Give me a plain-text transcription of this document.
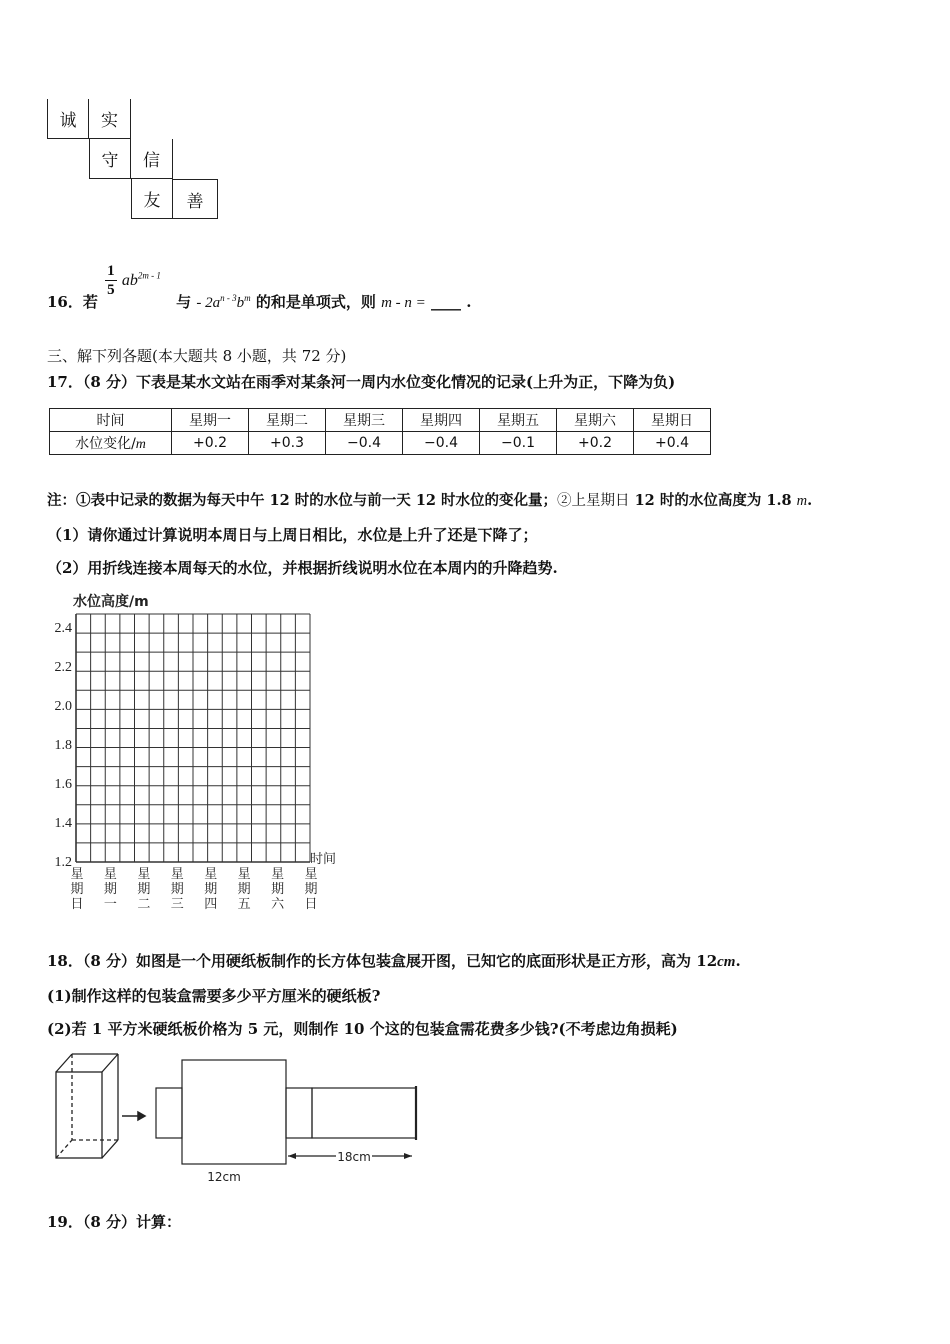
诚	实
守	信
友	善
16．若
$\frac{1}{5} ab^{2m - 1}$ 与 - $2a^{n - 3}b^m$ 的和是单项式，则 m - n = ____ .
三、解下列各题(本大题共 8 小题，共 72 分)
17．（8 分）下表是某水文站在雨季对某条河一周内水位变化情况的记录(上升为正，下降为负)
时间	星期一	星期二	星期三	星期四	星期五	星期六	星期日
水位变化/m	+0.2	+0.3	−0.4	−0.4	−0.1	+0.2	+0.4
注：①表中记录的数据为每天中午 12 时的水位与前一天 12 时水位的变化量；②上星期日 12 时的水位高度为 1.8 m.
（1）请你通过计算说明本周日与上周日相比，水位是上升了还是下降了；
（2）用折线连接本周每天的水位，并根据折线说明水位在本周内的升降趋势.
水位高度/m
时间
2.4
2.2
2.0
1.8
1.6
1.4
1.2
星期日
星期一
星期二
星期三
星期四
星期五
星期六
星期日
18．（8 分）如图是一个用硬纸板制作的长方体包装盒展开图，已知它的底面形状是正方形，高为 12cm.
(1)制作这样的包装盒需要多少平方厘米的硬纸板?
(2)若 1 平方米硬纸板价格为 5 元，则制作 10 个这的包装盒需花费多少钱?(不考虑边角损耗)
18cm
12cm
19．（8 分）计算：
